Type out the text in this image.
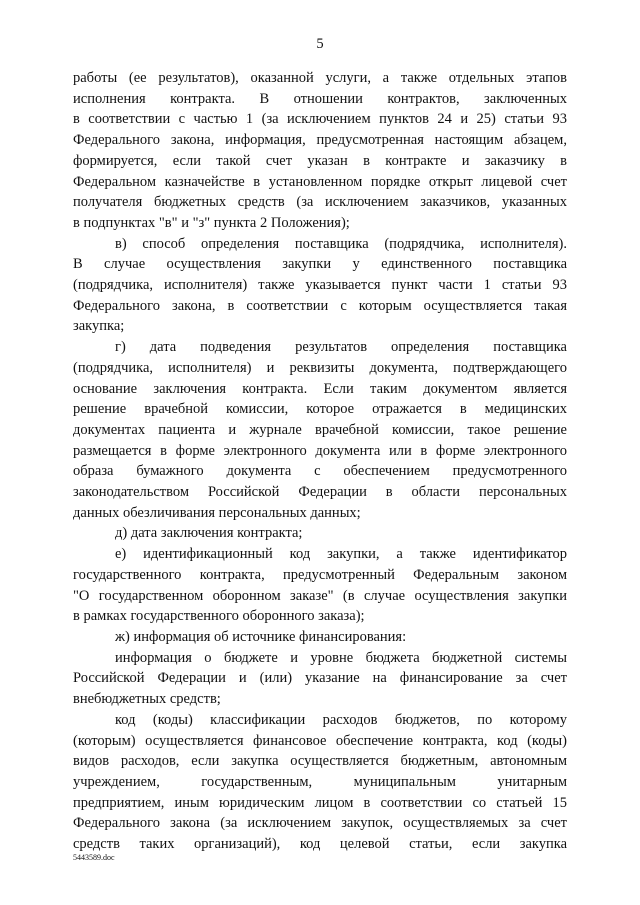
5
работы (ее результатов), оказанной услуги, а также отдельных этапов
исполнения контракта. В отношении контрактов, заключенных
в соответствии с частью 1 (за исключением пунктов 24 и 25) статьи 93
Федерального закона, информация, предусмотренная настоящим абзацем,
формируется, если такой счет указан в контракте и заказчику в
Федеральном казначействе в установленном порядке открыт лицевой счет
получателя бюджетных средств (за исключением заказчиков, указанных
в подпунктах "в" и "з" пункта 2 Положения);
в) способ определения поставщика (подрядчика, исполнителя).
В случае осуществления закупки у единственного поставщика
(подрядчика, исполнителя) также указывается пункт части 1 статьи 93
Федерального закона, в соответствии с которым осуществляется такая
закупка;
г) дата подведения результатов определения поставщика
(подрядчика, исполнителя) и реквизиты документа, подтверждающего
основание заключения контракта. Если таким документом является
решение врачебной комиссии, которое отражается в медицинских
документах пациента и журнале врачебной комиссии, такое решение
размещается в форме электронного документа или в форме электронного
образа бумажного документа с обеспечением предусмотренного
законодательством Российской Федерации в области персональных
данных обезличивания персональных данных;
д) дата заключения контракта;
е) идентификационный код закупки, а также идентификатор
государственного контракта, предусмотренный Федеральным законом
"О государственном оборонном заказе" (в случае осуществления закупки
в рамках государственного оборонного заказа);
ж) информация об источнике финансирования:
информация о бюджете и уровне бюджета бюджетной системы
Российской Федерации и (или) указание на финансирование за счет
внебюджетных средств;
код (коды) классификации расходов бюджетов, по которому
(которым) осуществляется финансовое обеспечение контракта, код (коды)
видов расходов, если закупка осуществляется бюджетным, автономным
учреждением, государственным, муниципальным унитарным
предприятием, иным юридическим лицом в соответствии со статьей 15
Федерального закона (за исключением закупок, осуществляемых за счет
средств таких организаций), код целевой статьи, если закупка
5443589.doc
